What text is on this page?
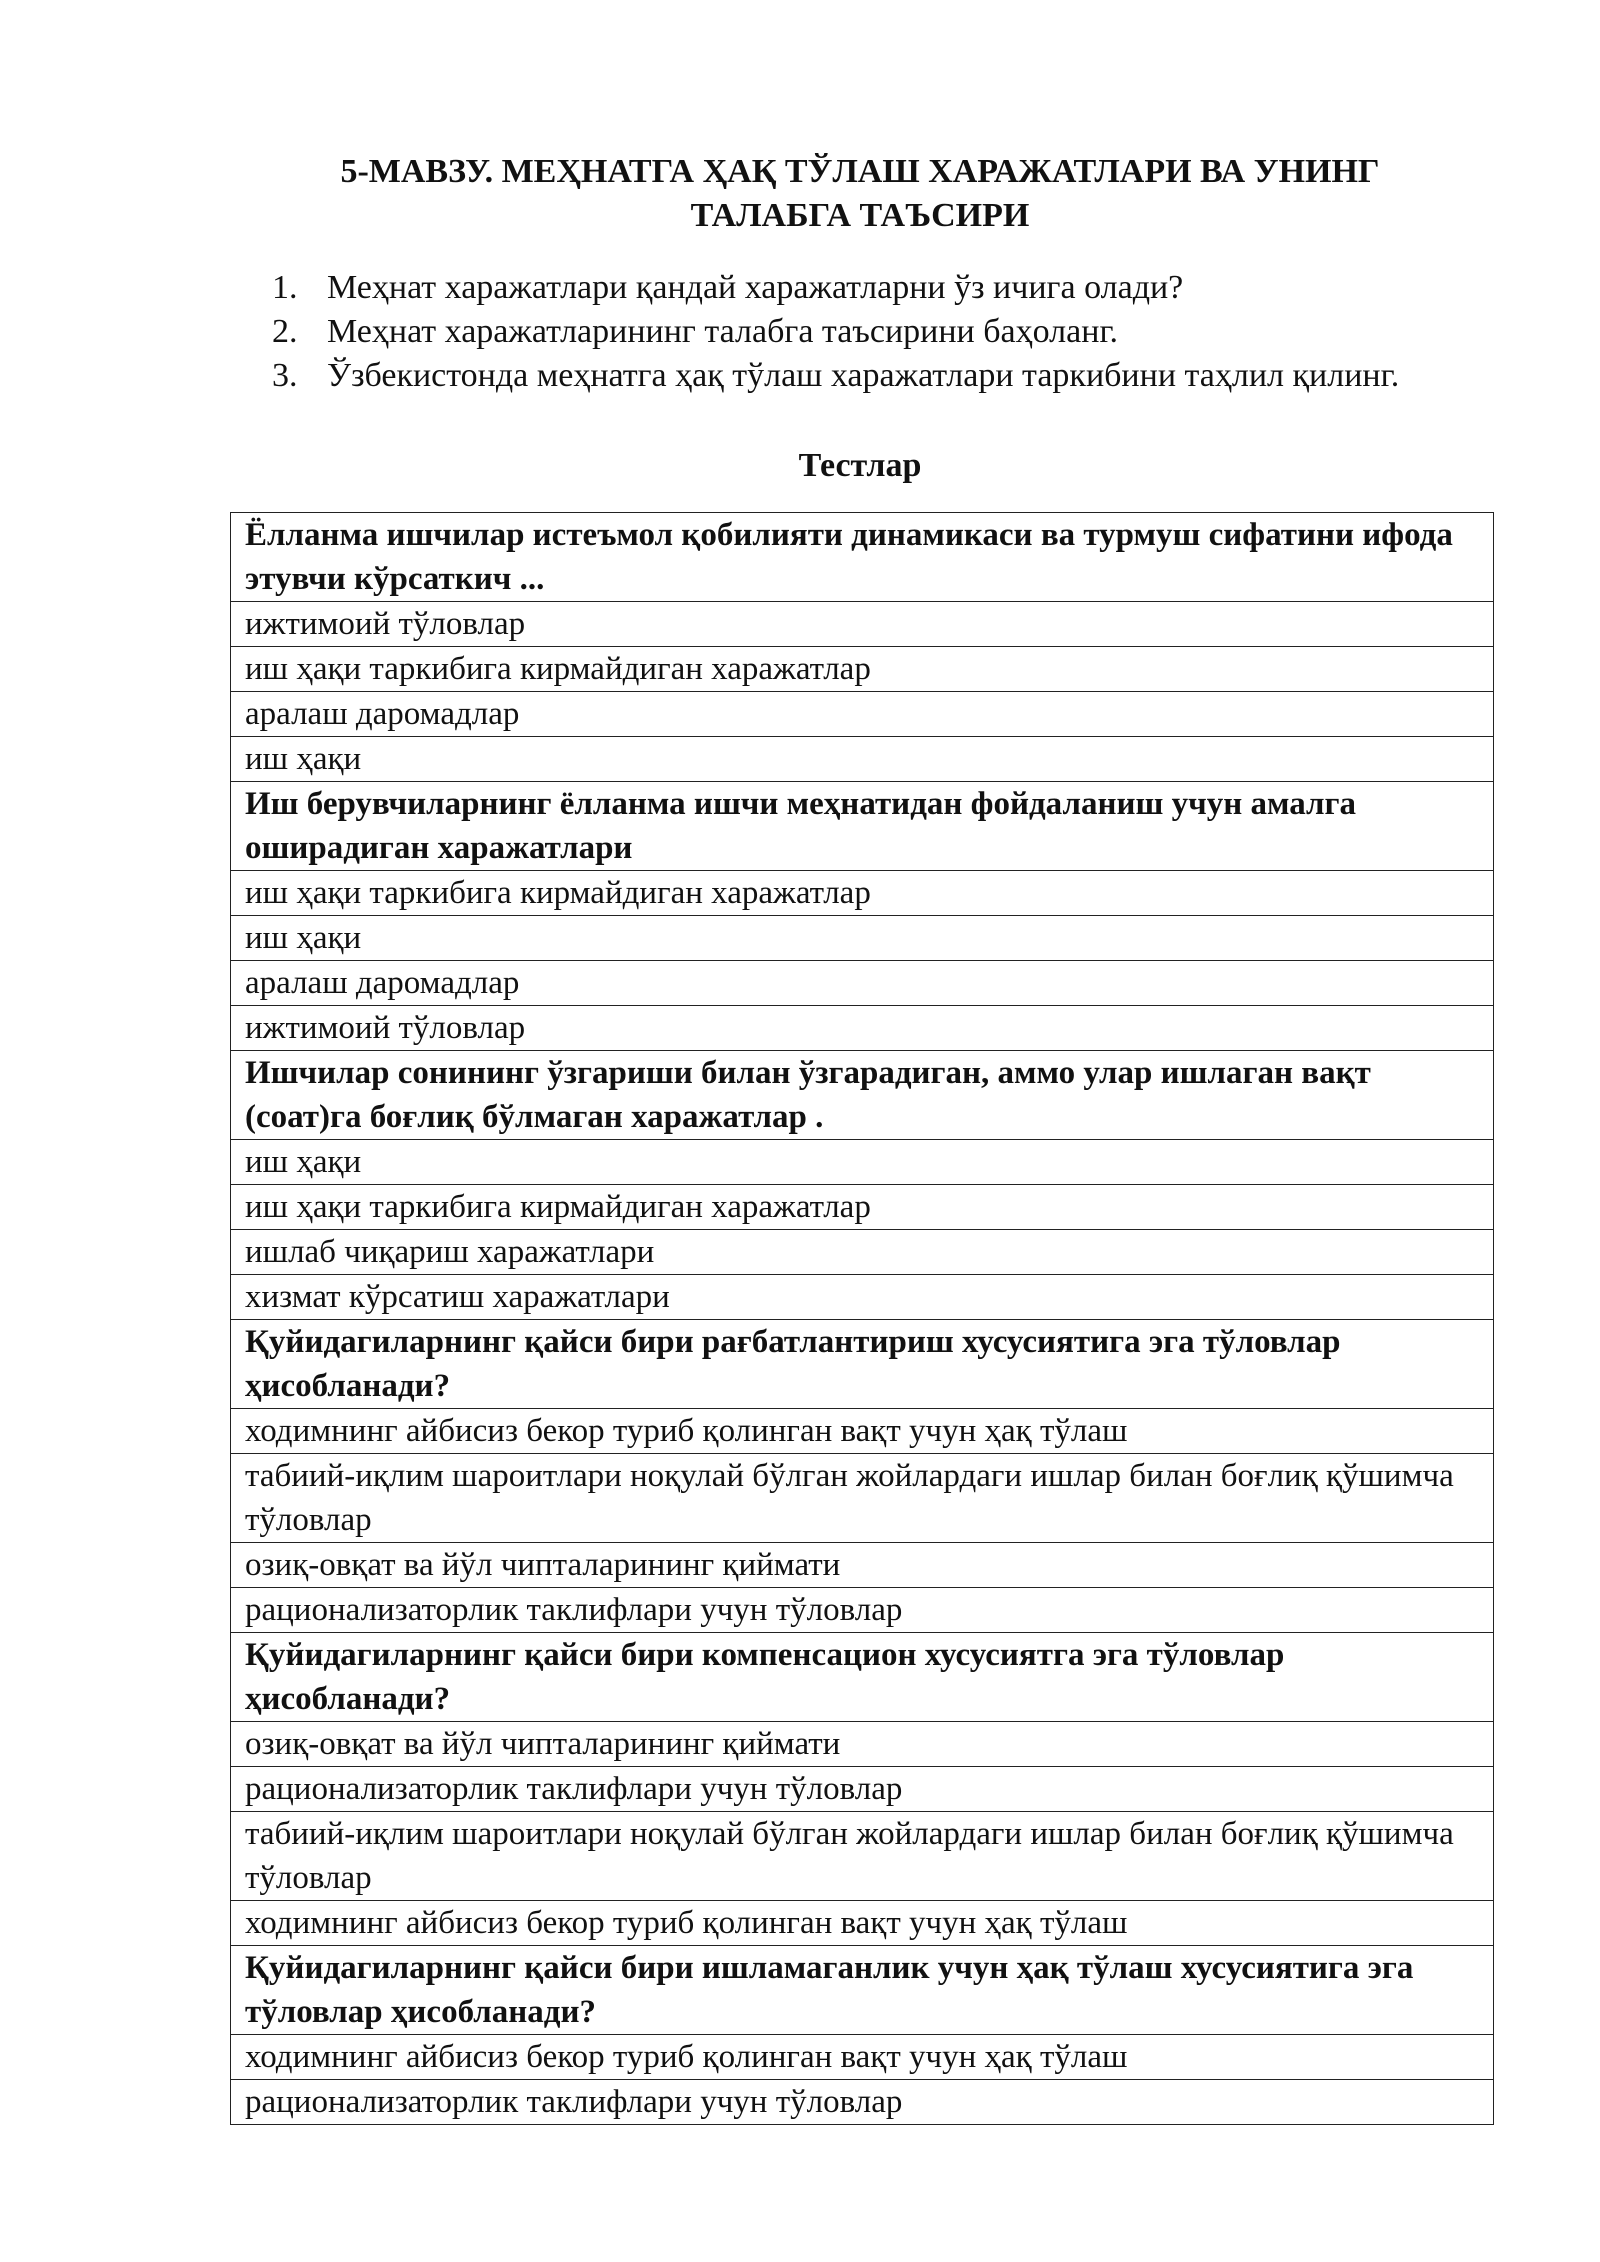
5-МАВЗУ. МЕҲНАТГА ҲАҚ ТЎЛАШ ХАРАЖАТЛАРИ ВА УНИНГ
ТАЛАБГА ТАЪСИРИ
1. Меҳнат харажатлари қандай харажатларни ўз ичига олади?
2. Меҳнат харажатларининг талабга таъсирини баҳоланг.
3. Ўзбекистонда меҳнатга ҳақ тўлаш харажатлари таркибини таҳлил қилинг.
Тестлар
Ёлланма ишчилар истеъмол қобилияти динамикаси ва турмуш сифатини ифода этувчи кўрсаткич ...
ижтимоий тўловлар
иш ҳақи таркибига кирмайдиган харажатлар
аралаш даромадлар
иш ҳақи
Иш берувчиларнинг ёлланма ишчи меҳнатидан фойдаланиш учун амалга оширадиган харажатлари
иш ҳақи таркибига кирмайдиган харажатлар
иш ҳақи
аралаш даромадлар
ижтимоий тўловлар
Ишчилар сонининг ўзгариши билан ўзгарадиган, аммо улар ишлаган вақт (соат)га боғлиқ бўлмаган харажатлар .
иш ҳақи
иш ҳақи таркибига кирмайдиган харажатлар
ишлаб чиқариш харажатлари
хизмат кўрсатиш харажатлари
Қуйидагиларнинг қайси бири рағбатлантириш хусусиятига эга тўловлар ҳисобланади?
ходимнинг айбисиз бекор туриб қолинган вақт учун ҳақ тўлаш
табиий-иқлим шароитлари ноқулай бўлган жойлардаги ишлар билан боғлиқ қўшимча тўловлар
озиқ-овқат ва йўл чипталарининг қиймати
рационализаторлик таклифлари учун тўловлар
Қуйидагиларнинг қайси бири компенсацион хусусиятга эга тўловлар ҳисобланади?
озиқ-овқат ва йўл чипталарининг қиймати
рационализаторлик таклифлари учун тўловлар
табиий-иқлим шароитлари ноқулай бўлган жойлардаги ишлар билан боғлиқ қўшимча тўловлар
ходимнинг айбисиз бекор туриб қолинган вақт учун ҳақ тўлаш
Қуйидагиларнинг қайси бири ишламаганлик учун ҳақ тўлаш хусусиятига эга тўловлар ҳисобланади?
ходимнинг айбисиз бекор туриб қолинган вақт учун ҳақ тўлаш
рационализаторлик таклифлари учун тўловлар
